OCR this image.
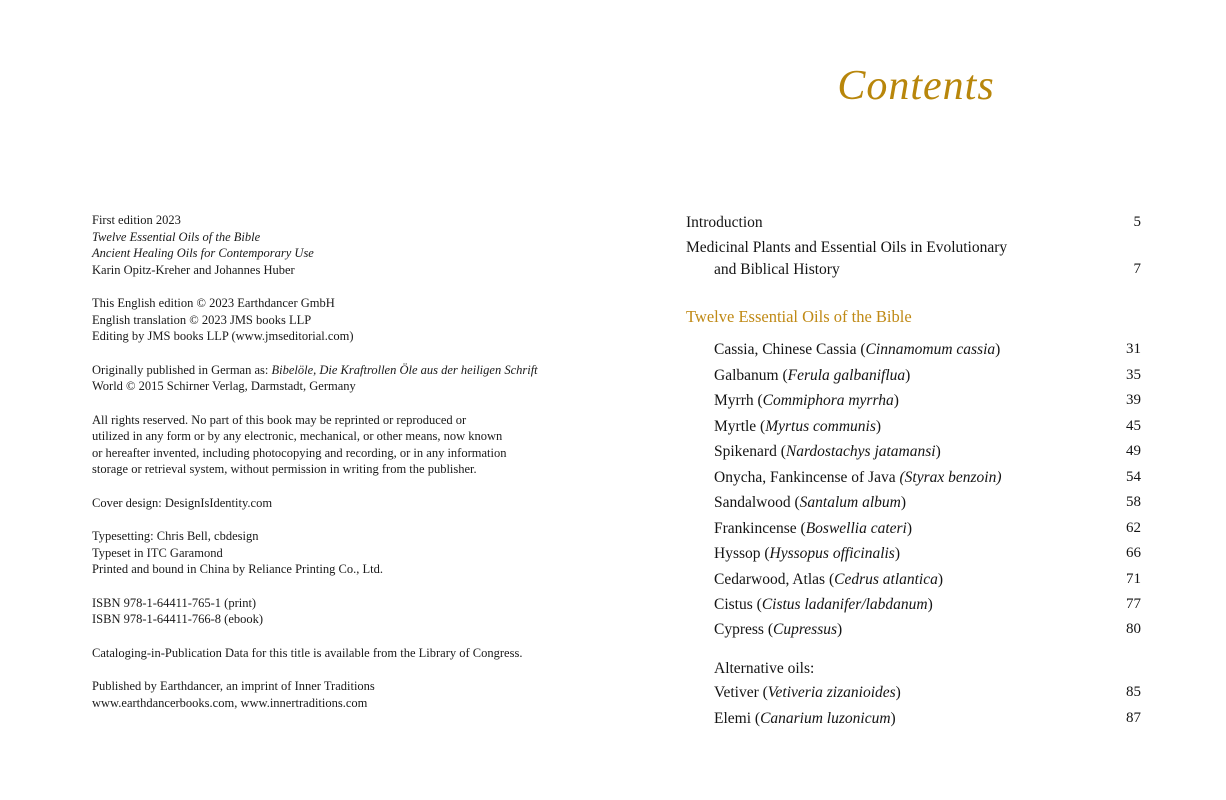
First edition 2023
Twelve Essential Oils of the Bible
Ancient Healing Oils for Contemporary Use
Karin Opitz-Kreher and Johannes Huber
This English edition © 2023 Earthdancer GmbH
English translation © 2023 JMS books LLP
Editing by JMS books LLP (www.jmseditorial.com)
Originally published in German as: Bibelöle, Die Kraftrollen Öle aus der heiligen Schrift
World © 2015 Schirner Verlag, Darmstadt, Germany
All rights reserved. No part of this book may be reprinted or reproduced or
utilized in any form or by any electronic, mechanical, or other means, now known
or hereafter invented, including photocopying and recording, or in any information
storage or retrieval system, without permission in writing from the publisher.
Cover design: DesignIsIdentity.com
Typesetting: Chris Bell, cbdesign
Typeset in ITC Garamond
Printed and bound in China by Reliance Printing Co., Ltd.
ISBN 978-1-64411-765-1 (print)
ISBN 978-1-64411-766-8 (ebook)
Cataloging-in-Publication Data for this title is available from the Library of Congress.
Published by Earthdancer, an imprint of Inner Traditions
www.earthdancerbooks.com, www.innertraditions.com
Contents
Introduction	5
Medicinal Plants and Essential Oils in Evolutionary
and Biblical History	7
Twelve Essential Oils of the Bible
Cassia, Chinese Cassia (Cinnamomum cassia)	31
Galbanum (Ferula galbaniflua)	35
Myrrh (Commiphora myrrha)	39
Myrtle (Myrtus communis)	45
Spikenard (Nardostachys jatamansi)	49
Onycha, Fankincense of Java (Styrax benzoin)	54
Sandalwood (Santalum album)	58
Frankincense (Boswellia cateri)	62
Hyssop (Hyssopus officinalis)	66
Cedarwood, Atlas (Cedrus atlantica)	71
Cistus (Cistus ladanifer/labdanum)	77
Cypress (Cupressus)	80
Alternative oils:
Vetiver (Vetiveria zizanioides)	85
Elemi (Canarium luzonicum)	87
